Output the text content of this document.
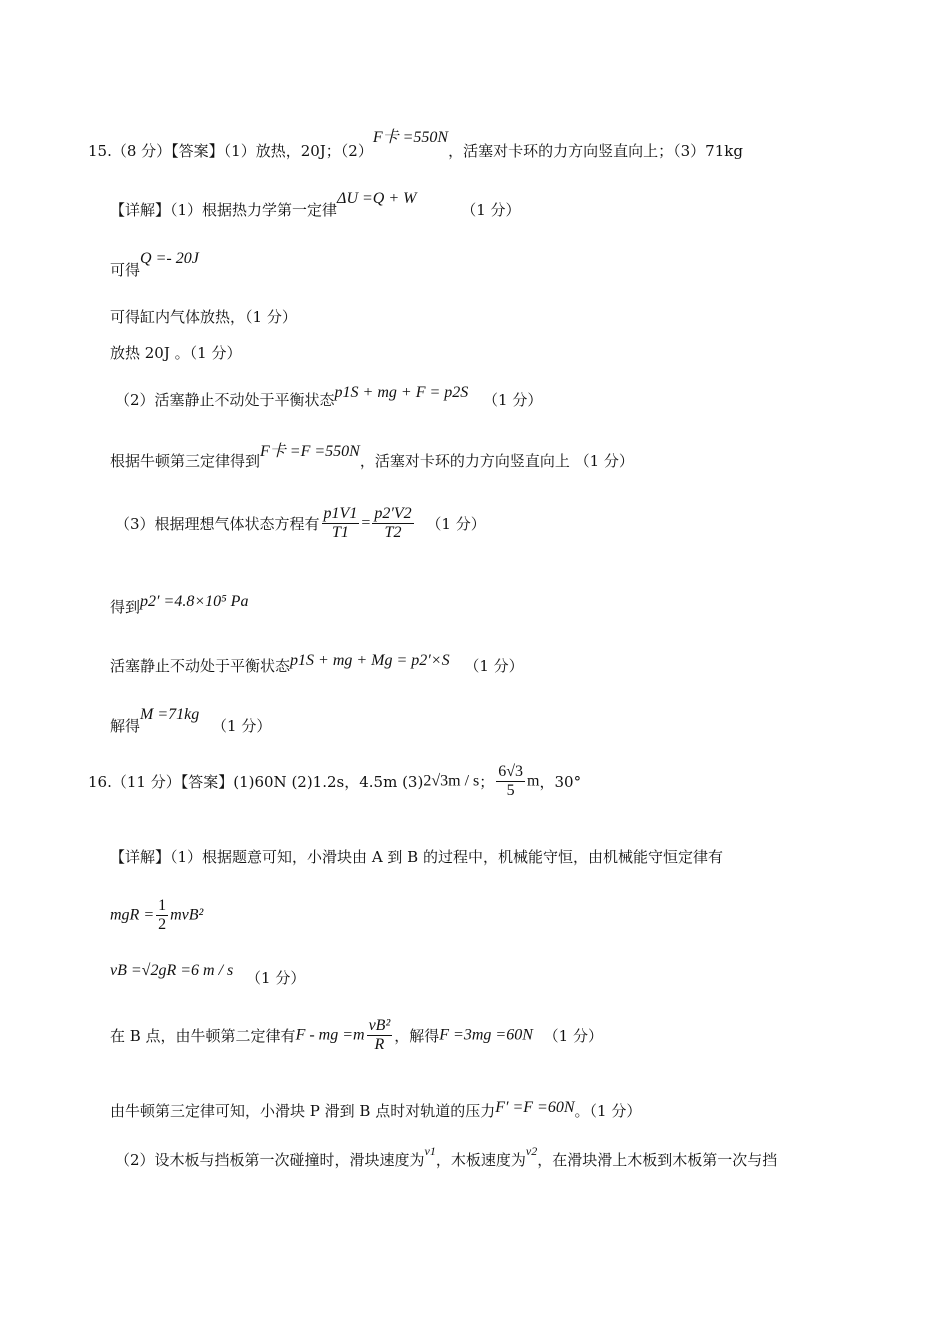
15.（8 分）【答案】（1）放热，20J；（2）F卡 =550N，活塞对卡环的力方向竖直向上；（3）71kg
【详解】（1）根据热力学第一定律ΔU =Q + W （1 分）
可得Q =- 20J
可得缸内气体放热，（1 分）
放热 20J 。（1 分）
（2）活塞静止不动处于平衡状态p1S + mg + F = p2S （1 分）
根据牛顿第三定律得到F卡 =F =550N，活塞对卡环的力方向竖直向上 （1 分）
（3）根据理想气体状态方程有 $\frac{p1V1}{T1} = \frac{p2'V2}{T2} (1$ 分）
得到p2′ =4.8×10⁵ Pa
活塞静止不动处于平衡状态p1S + mg + Mg = p2′×S （1 分）
解得M =71kg （1 分）
16.（11 分）【答案】(1)60N (2)1.2s，4.5m (3)2√3m / s； $\frac{6√3}{5}$ m，30°
【详解】（1）根据题意可知，小滑块由 A 到 B 的过程中，机械能守恒，由机械能守恒定律有
mgR = $\frac{1}{2} mvB^2$
vB =√2gR =6 m / s （1 分）
在 B 点，由牛顿第二定律有F - mg $=m \frac{\text{vB²}}{R}$ ，解得F =3mg =60N （1 分）
由牛顿第三定律可知，小滑块 P 滑到 B 点时对轨道的压力F′ =F =60N。（1 分）
（2）设木板与挡板第一次碰撞时，滑块速度为$^{v1}$，木板速度为$^{v2}$，在滑块滑上木板到木板第一次与挡
